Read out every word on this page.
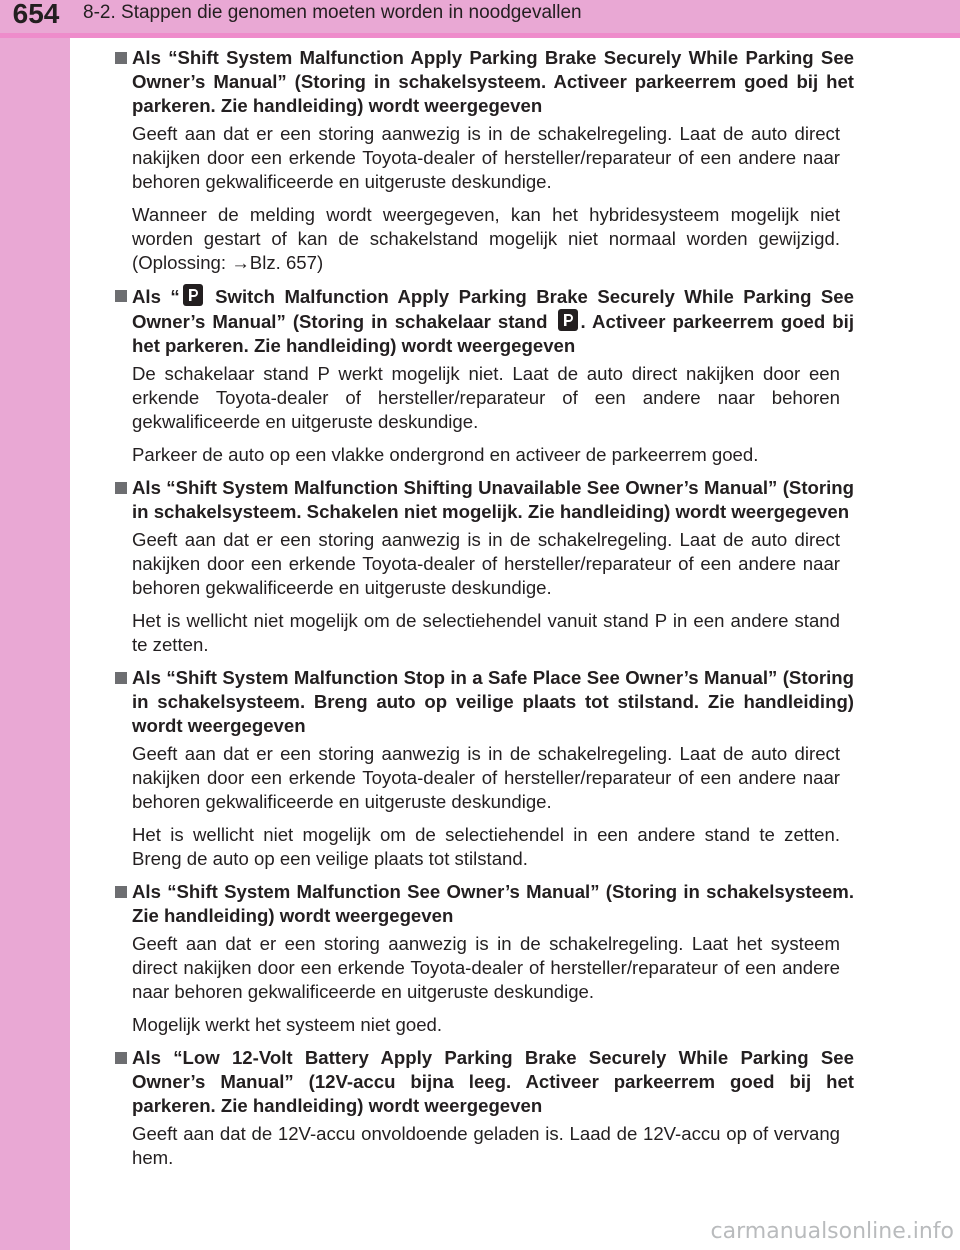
654	8-2. Stappen die genomen moeten worden in noodgevallen
Als “Shift System Malfunction Apply Parking Brake Securely While Parking See Owner’s Manual” (Storing in schakelsysteem. Activeer parkeerrem goed bij het parkeren. Zie handleiding) wordt weergegeven
Geeft aan dat er een storing aanwezig is in de schakelregeling. Laat de auto direct nakijken door een erkende Toyota-dealer of hersteller/reparateur of een andere naar behoren gekwalificeerde en uitgeruste deskundige.
Wanneer de melding wordt weergegeven, kan het hybridesysteem mogelijk niet worden gestart of kan de schakelstand mogelijk niet normaal worden gewijzigd. (Oplossing: →Blz. 657)
Als “ Switch Malfunction Apply Parking Brake Securely While Parking See Owner’s Manual” (Storing in schakelaar stand . Activeer parkeerrem goed bij het parkeren. Zie handleiding) wordt weergegeven
De schakelaar stand P werkt mogelijk niet. Laat de auto direct nakijken door een erkende Toyota-dealer of hersteller/reparateur of een andere naar behoren gekwalificeerde en uitgeruste deskundige.
Parkeer de auto op een vlakke ondergrond en activeer de parkeerrem goed.
Als “Shift System Malfunction Shifting Unavailable See Owner’s Manual” (Storing in schakelsysteem. Schakelen niet mogelijk. Zie handleiding) wordt weergegeven
Geeft aan dat er een storing aanwezig is in de schakelregeling. Laat de auto direct nakijken door een erkende Toyota-dealer of hersteller/reparateur of een andere naar behoren gekwalificeerde en uitgeruste deskundige.
Het is wellicht niet mogelijk om de selectiehendel vanuit stand P in een andere stand te zetten.
Als “Shift System Malfunction Stop in a Safe Place See Owner’s Manual” (Storing in schakelsysteem. Breng auto op veilige plaats tot stilstand. Zie handleiding) wordt weergegeven
Geeft aan dat er een storing aanwezig is in de schakelregeling. Laat de auto direct nakijken door een erkende Toyota-dealer of hersteller/reparateur of een andere naar behoren gekwalificeerde en uitgeruste deskundige.
Het is wellicht niet mogelijk om de selectiehendel in een andere stand te zetten. Breng de auto op een veilige plaats tot stilstand.
Als “Shift System Malfunction See Owner’s Manual” (Storing in schakelsysteem. Zie handleiding) wordt weergegeven
Geeft aan dat er een storing aanwezig is in de schakelregeling. Laat het systeem direct nakijken door een erkende Toyota-dealer of hersteller/reparateur of een andere naar behoren gekwalificeerde en uitgeruste deskundige.
Mogelijk werkt het systeem niet goed.
Als “Low 12-Volt Battery Apply Parking Brake Securely While Parking See Owner’s Manual” (12V-accu bijna leeg. Activeer parkeerrem goed bij het parkeren. Zie handleiding) wordt weergegeven
Geeft aan dat de 12V-accu onvoldoende geladen is. Laad de 12V-accu op of vervang hem.
carmanualsonline.info
